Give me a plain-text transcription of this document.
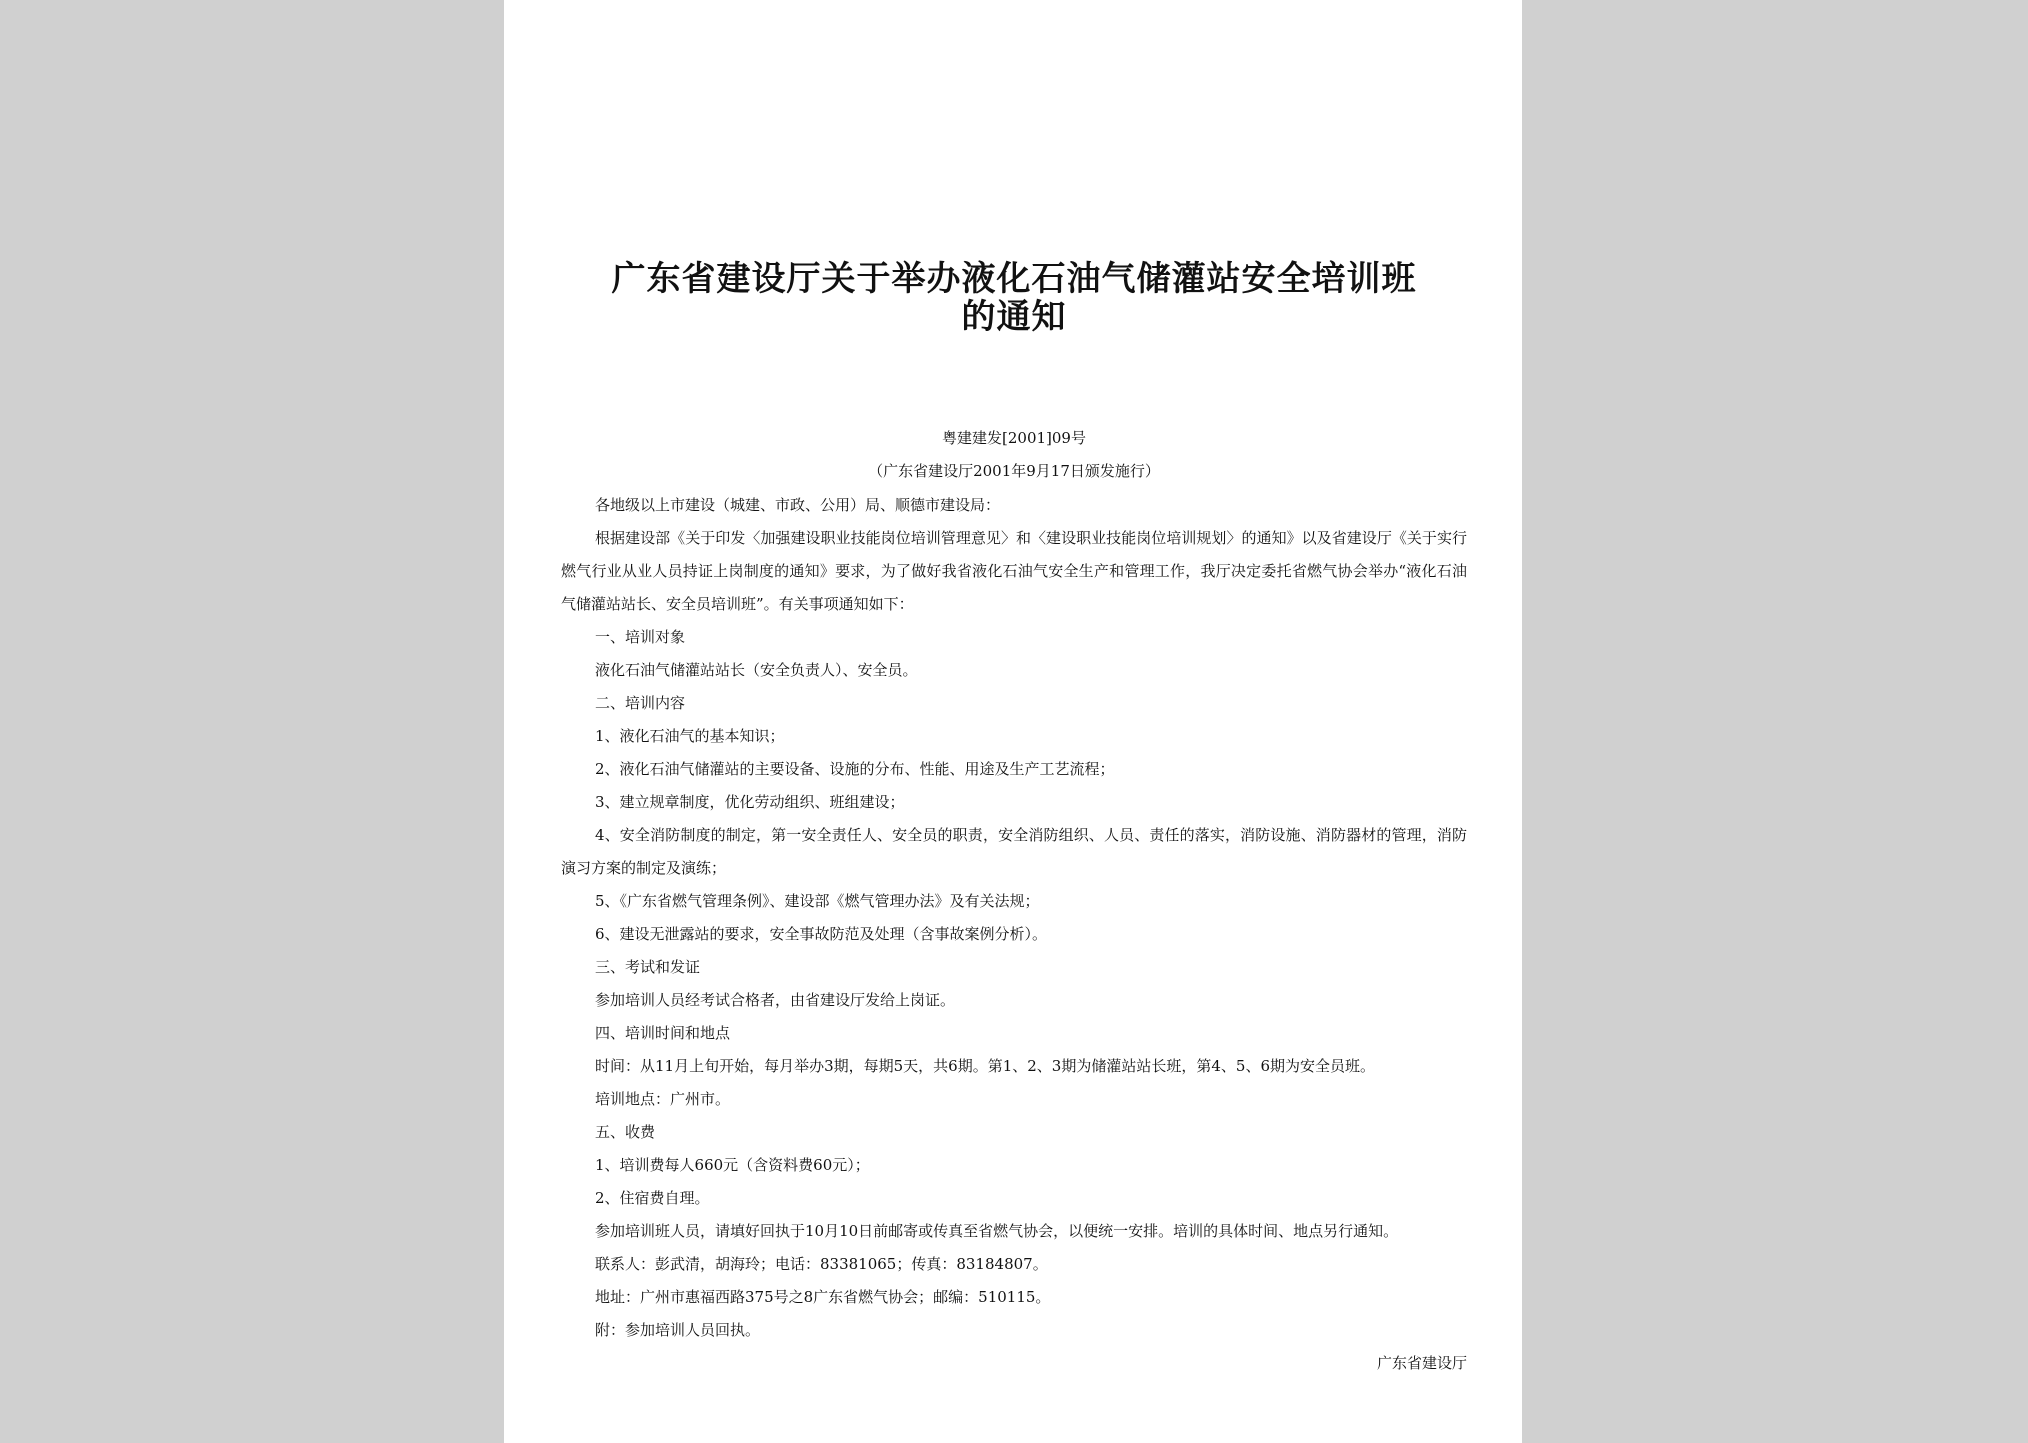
广东省建设厅关于举办液化石油气储灌站安全培训班
的通知
粤建建发[2001]09号
（广东省建设厅2001年9月17日颁发施行）

各地级以上市建设（城建、市政、公用）局、顺德市建设局：

根据建设部《关于印发〈加强建设职业技能岗位培训管理意见〉和〈建设职业技能岗位培训规划〉的通知》以及省建设厅《关于实行燃气行业从业人员持证上岗制度的通知》要求，为了做好我省液化石油气安全生产和管理工作，我厅决定委托省燃气协会举办“液化石油气储灌站站长、安全员培训班”。有关事项通知如下：

一、培训对象

液化石油气储灌站站长（安全负责人）、安全员。

二、培训内容

1、液化石油气的基本知识；

2、液化石油气储灌站的主要设备、设施的分布、性能、用途及生产工艺流程；

3、建立规章制度，优化劳动组织、班组建设；

4、安全消防制度的制定，第一安全责任人、安全员的职责，安全消防组织、人员、责任的落实，消防设施、消防器材的管理，消防演习方案的制定及演练；

5、《广东省燃气管理条例》、建设部《燃气管理办法》及有关法规；

6、建设无泄露站的要求，安全事故防范及处理（含事故案例分析）。

三、考试和发证

参加培训人员经考试合格者，由省建设厅发给上岗证。

四、培训时间和地点

时间：从11月上旬开始，每月举办3期，每期5天，共6期。第1、2、3期为储灌站站长班，第4、5、6期为安全员班。

培训地点：广州市。

五、收费

1、培训费每人660元（含资料费60元）；

2、住宿费自理。

参加培训班人员，请填好回执于10月10日前邮寄或传真至省燃气协会，以便统一安排。培训的具体时间、地点另行通知。

联系人：彭武清，胡海玲；电话：83381065；传真：83184807。

地址：广州市惠福西路375号之8广东省燃气协会；邮编：510115。

附：参加培训人员回执。

广东省建设厅
